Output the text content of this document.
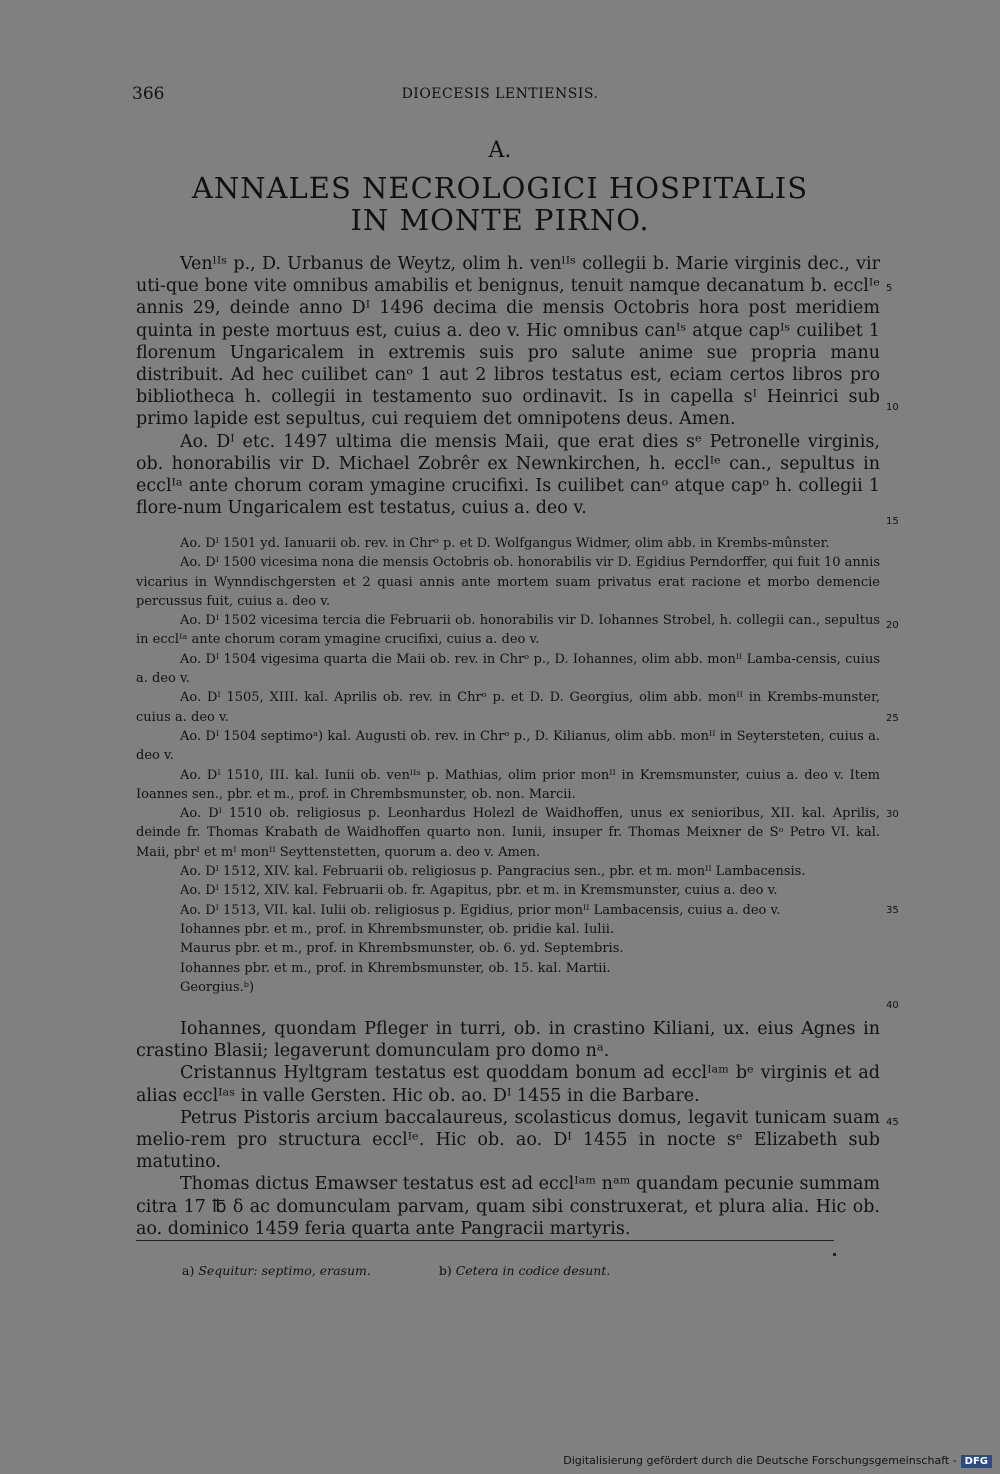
366	DIOECESIS LENTIENSIS.
A.
ANNALES NECROLOGICI HOSPITALIS
IN MONTE PIRNO.

Venˡᴵˢ p., D. Urbanus de Weytz, olim h. venˡᴵˢ collegii b. Marie virginis dec., vir uti-que bone vite omnibus amabilis et benignus, tenuit namque decanatum b. ecclᴵᵉ annis 29, deinde anno Dᴵ 1496 decima die mensis Octobris hora post meridiem quinta in peste mortuus est, cuius a. deo v. Hic omnibus canᴵˢ atque capᴵˢ cuilibet 1 florenum Ungaricalem in extremis suis pro salute anime sue propria manu distribuit. Ad hec cuilibet canᵒ 1 aut 2 libros testatus est, eciam certos libros pro bibliotheca h. collegii in testamento suo ordinavit. Is in capella sᴵ Heinrici sub primo lapide est sepultus, cui requiem det omnipotens deus. Amen.

Ao. Dᴵ etc. 1497 ultima die mensis Maii, que erat dies sᵉ Petronelle virginis, ob. honorabilis vir D. Michael Zobrêr ex Newnkirchen, h. ecclᴵᵉ can., sepultus in ecclᴵᵃ ante chorum coram ymagine crucifixi. Is cuilibet canᵒ atque capᵒ h. collegii 1 flore-num Ungaricalem est testatus, cuius a. deo v.

Ao. Dᴵ 1501 yd. Ianuarii ob. rev. in Chrᵒ p. et D. Wolfgangus Widmer, olim abb. in Krembs-mûnster.

Ao. Dᴵ 1500 vicesima nona die mensis Octobris ob. honorabilis vir D. Egidius Perndorffer, qui fuit 10 annis vicarius in Wynndischgersten et 2 quasi annis ante mortem suam privatus erat racione et morbo demencie percussus fuit, cuius a. deo v.

Ao. Dᴵ 1502 vicesima tercia die Februarii ob. honorabilis vir D. Iohannes Strobel, h. collegii can., sepultus in ecclᴵᵃ ante chorum coram ymagine crucifixi, cuius a. deo v.

Ao. Dᴵ 1504 vigesima quarta die Maii ob. rev. in Chrᵒ p., D. Iohannes, olim abb. monᴵᴵ Lamba-censis, cuius a. deo v.

Ao. Dᴵ 1505, XIII. kal. Aprilis ob. rev. in Chrᵒ p. et D. D. Georgius, olim abb. monᴵᴵ in Krembs-munster, cuius a. deo v.

Ao. Dᴵ 1504 septimoᵃ) kal. Augusti ob. rev. in Chrᵒ p., D. Kilianus, olim abb. monᴵᴵ in Seytersteten, cuius a. deo v.

Ao. Dᴵ 1510, III. kal. Iunii ob. venˡᴵˢ p. Mathias, olim prior monᴵᴵ in Kremsmunster, cuius a. deo v. Item Ioannes sen., pbr. et m., prof. in Chrembsmunster, ob. non. Marcii.

Ao. Dᴵ 1510 ob. religiosus p. Leonhardus Holezl de Waidhoffen, unus ex senioribus, XII. kal. Aprilis, deinde fr. Thomas Krabath de Waidhoffen quarto non. Iunii, insuper fr. Thomas Meixner de Sᵒ Petro VI. kal. Maii, pbrᴵ et mᴵ monᴵᴵ Seyttenstetten, quorum a. deo v. Amen.

Ao. Dᴵ 1512, XIV. kal. Februarii ob. religiosus p. Pangracius sen., pbr. et m. monᴵᴵ Lambacensis.

Ao. Dᴵ 1512, XIV. kal. Februarii ob. fr. Agapitus, pbr. et m. in Kremsmunster, cuius a. deo v.

Ao. Dᴵ 1513, VII. kal. Iulii ob. religiosus p. Egidius, prior monᴵᴵ Lambacensis, cuius a. deo v.

Iohannes pbr. et m., prof. in Khrembsmunster, ob. pridie kal. Iulii.

Maurus pbr. et m., prof. in Khrembsmunster, ob. 6. yd. Septembris.

Iohannes pbr. et m., prof. in Khrembsmunster, ob. 15. kal. Martii.

Georgius.ᵇ)

Iohannes, quondam Pfleger in turri, ob. in crastino Kiliani, ux. eius Agnes in crastino Blasii; legaverunt domunculam pro domo nᵃ.

Cristannus Hyltgram testatus est quoddam bonum ad ecclᴵᵃᵐ bᵉ virginis et ad alias ecclᴵᵃˢ in valle Gersten. Hic ob. ao. Dᴵ 1455 in die Barbare.

Petrus Pistoris arcium baccalaureus, scolasticus domus, legavit tunicam suam melio-rem pro structura ecclᴵᵉ. Hic ob. ao. Dᴵ 1455 in nocte sᵉ Elizabeth sub matutino.

Thomas dictus Emawser testatus est ad ecclᴵᵃᵐ nᵃᵐ quandam pecunie summam citra 17 ℔ δ ac domunculam parvam, quam sibi construxerat, et plura alia. Hic ob. ao. dominico 1459 feria quarta ante Pangracii martyris.

5
10
15
20
25
30
35
40
45
a) Sequitur: septimo, erasum.	b) Cetera in codice desunt.
Digitalisierung gefördert durch die Deutsche Forschungsgemeinschaft - DFG
